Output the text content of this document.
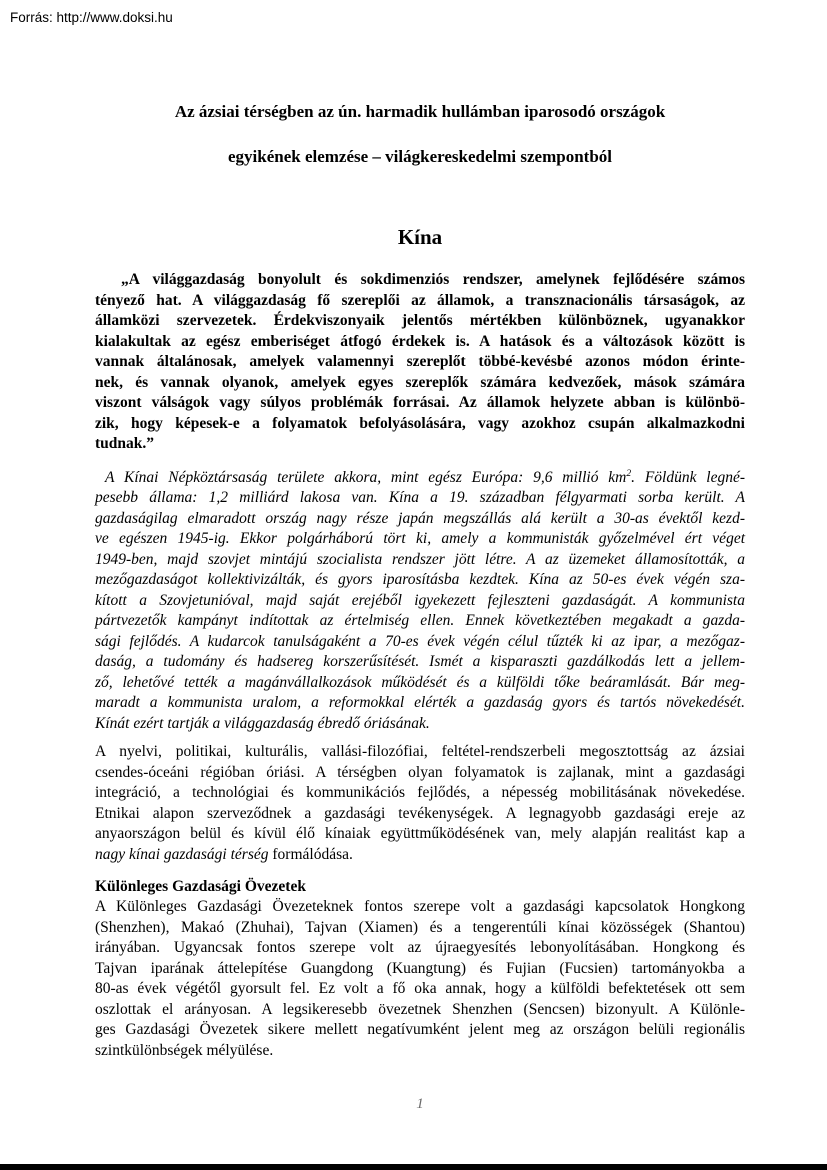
Forrás: http://www.doksi.hu
Az ázsiai térségben az ún. harmadik hullámban iparosodó országok
egyikének elemzése – világkereskedelmi szempontból
Kína
„A világgazdaság bonyolult és sokdimenziós rendszer, amelynek fejlődésére számos
tényező hat. A világgazdaság fő szereplői az államok, a transznacionális társaságok, az
államközi szervezetek. Érdekviszonyaik jelentős mértékben különböznek, ugyanakkor
kialakultak az egész emberiséget átfogó érdekek is. A hatások és a változások között is
vannak általánosak, amelyek valamennyi szereplőt többé-kevésbé azonos módon érinte-
nek, és vannak olyanok, amelyek egyes szereplők számára kedvezőek, mások számára
viszont válságok vagy súlyos problémák forrásai. Az államok helyzete abban is különbö-
zik, hogy képesek-e a folyamatok befolyásolására, vagy azokhoz csupán alkalmazkodni
tudnak.”
A Kínai Népköztársaság területe akkora, mint egész Európa: 9,6 millió $km^2$. Földünk legné-
pesebb állama: 1,2 milliárd lakosa van. Kína a 19. században félgyarmati sorba került. A
gazdaságilag elmaradott ország nagy része japán megszállás alá került a 30-as évektől kezd-
ve egészen 1945-ig. Ekkor polgárháború tört ki, amely a kommunisták győzelmével ért véget
1949-ben, majd szovjet mintájú szocialista rendszer jött létre. A az üzemeket államosították, a
mezőgazdaságot kollektivizálták, és gyors iparosításba kezdtek. Kína az 50-es évek végén sza-
kított a Szovjetunióval, majd saját erejéből igyekezett fejleszteni gazdaságát. A kommunista
pártvezetők kampányt indítottak az értelmiség ellen. Ennek következtében megakadt a gazda-
sági fejlődés. A kudarcok tanulságaként a 70-es évek végén célul tűzték ki az ipar, a mezőgaz-
daság, a tudomány és hadsereg korszerűsítését. Ismét a kisparaszti gazdálkodás lett a jellem-
ző, lehetővé tették a magánvállalkozások működését és a külföldi tőke beáramlását. Bár meg-
maradt a kommunista uralom, a reformokkal elérték a gazdaság gyors és tartós növekedését.
Kínát ezért tartják a világgazdaság ébredő óriásának.
A nyelvi, politikai, kulturális, vallási-filozófiai, feltétel-rendszerbeli megosztottság az ázsiai
csendes-óceáni régióban óriási. A térségben olyan folyamatok is zajlanak, mint a gazdasági
integráció, a technológiai és kommunikációs fejlődés, a népesség mobilitásának növekedése.
Etnikai alapon szerveződnek a gazdasági tevékenységek. A legnagyobb gazdasági ereje az
anyaországon belül és kívül élő kínaiak együttműködésének van, mely alapján realitást kap a
nagy kínai gazdasági térség formálódása.
Különleges Gazdasági Övezetek
A Különleges Gazdasági Övezeteknek fontos szerepe volt a gazdasági kapcsolatok Hongkong
(Shenzhen), Makaó (Zhuhai), Tajvan (Xiamen) és a tengerentúli kínai közösségek (Shantou)
irányában. Ugyancsak fontos szerepe volt az újraegyesítés lebonyolításában. Hongkong és
Tajvan iparának áttelepítése Guangdong (Kuangtung) és Fujian (Fucsien) tartományokba a
80-as évek végétől gyorsult fel. Ez volt a fő oka annak, hogy a külföldi befektetések ott sem
oszlottak el arányosan. A legsikeresebb övezetnek Shenzhen (Sencsen) bizonyult. A Különle-
ges Gazdasági Övezetek sikere mellett negatívumként jelent meg az országon belüli regionális
szintkülönbségek mélyülése.
1
